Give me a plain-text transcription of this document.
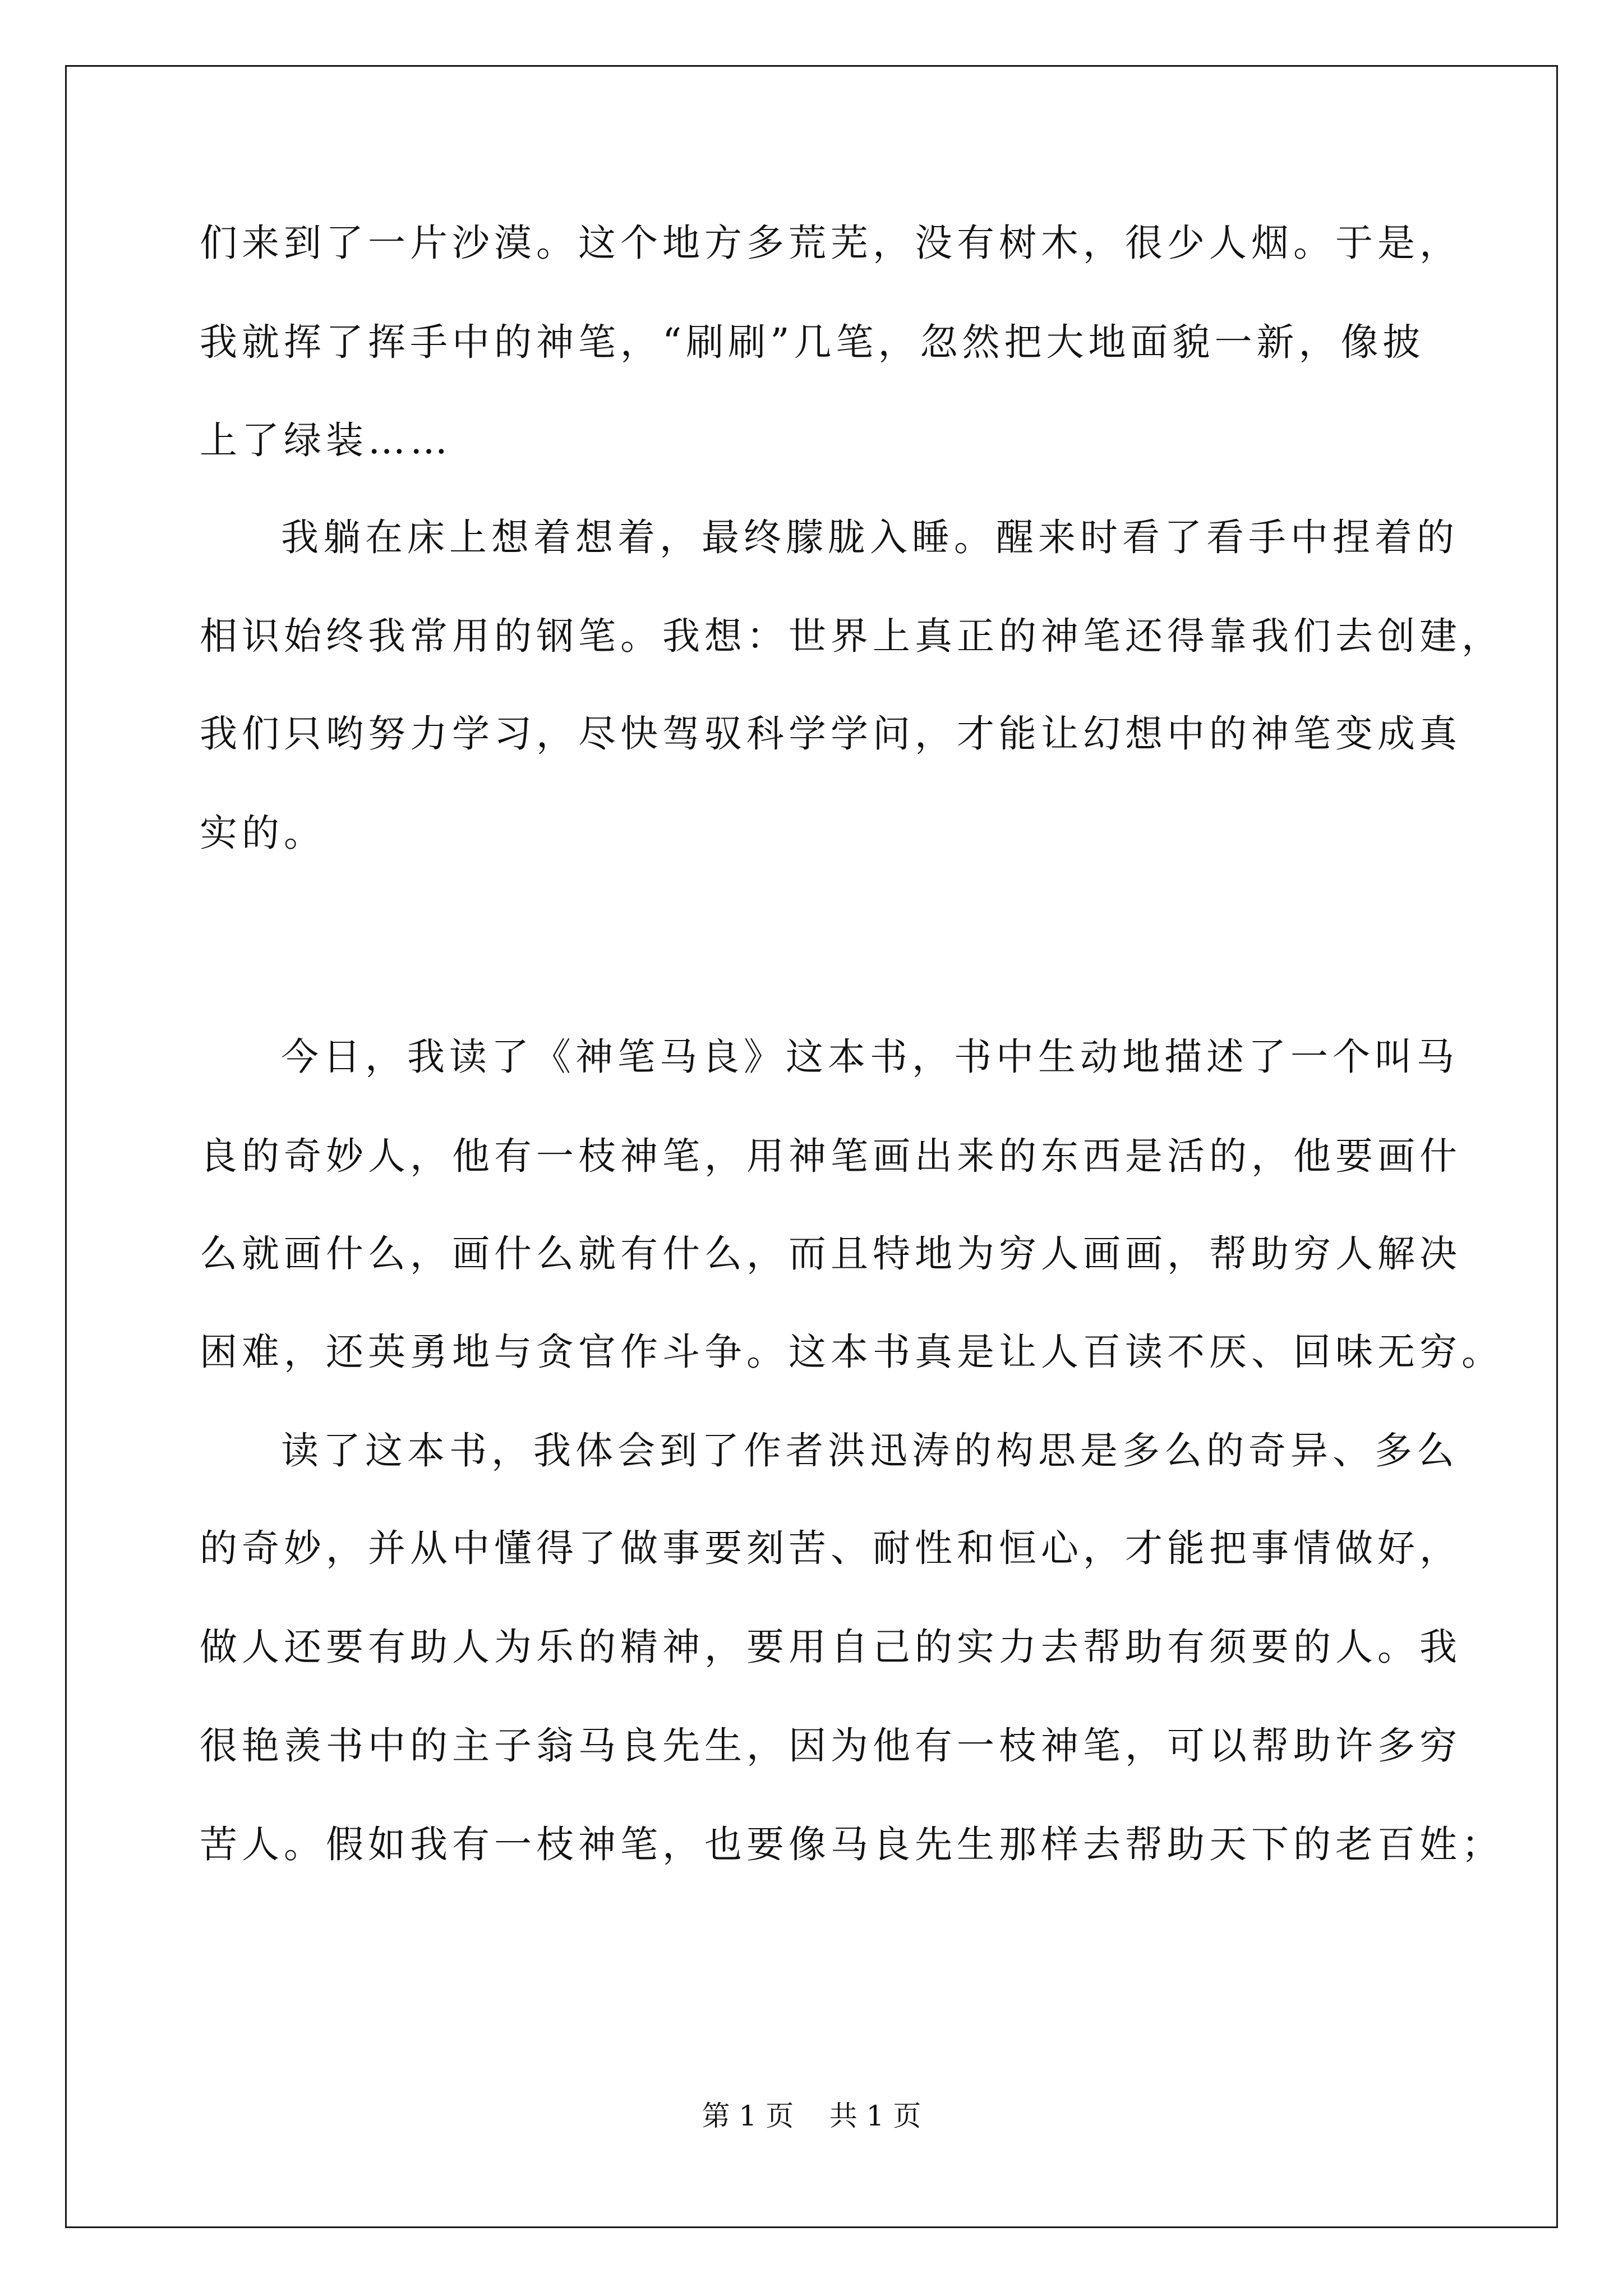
们来到了一片沙漠。这个地方多荒芜，没有树木，很少人烟。于是，
我就挥了挥手中的神笔，“刷刷”几笔，忽然把大地面貌一新，像披
上了绿装……
我躺在床上想着想着，最终朦胧入睡。醒来时看了看手中捏着的
相识始终我常用的钢笔。我想：世界上真正的神笔还得靠我们去创建，
我们只哟努力学习，尽快驾驭科学学问，才能让幻想中的神笔变成真
实的。
今日，我读了《神笔马良》这本书，书中生动地描述了一个叫马
良的奇妙人，他有一枝神笔，用神笔画出来的东西是活的，他要画什
么就画什么，画什么就有什么，而且特地为穷人画画，帮助穷人解决
困难，还英勇地与贪官作斗争。这本书真是让人百读不厌、回味无穷。
读了这本书，我体会到了作者洪迅涛的构思是多么的奇异、多么
的奇妙，并从中懂得了做事要刻苦、耐性和恒心，才能把事情做好，
做人还要有助人为乐的精神，要用自己的实力去帮助有须要的人。我
很艳羡书中的主子翁马良先生，因为他有一枝神笔，可以帮助许多穷
苦人。假如我有一枝神笔，也要像马良先生那样去帮助天下的老百姓；
第 1 页    共 1 页
